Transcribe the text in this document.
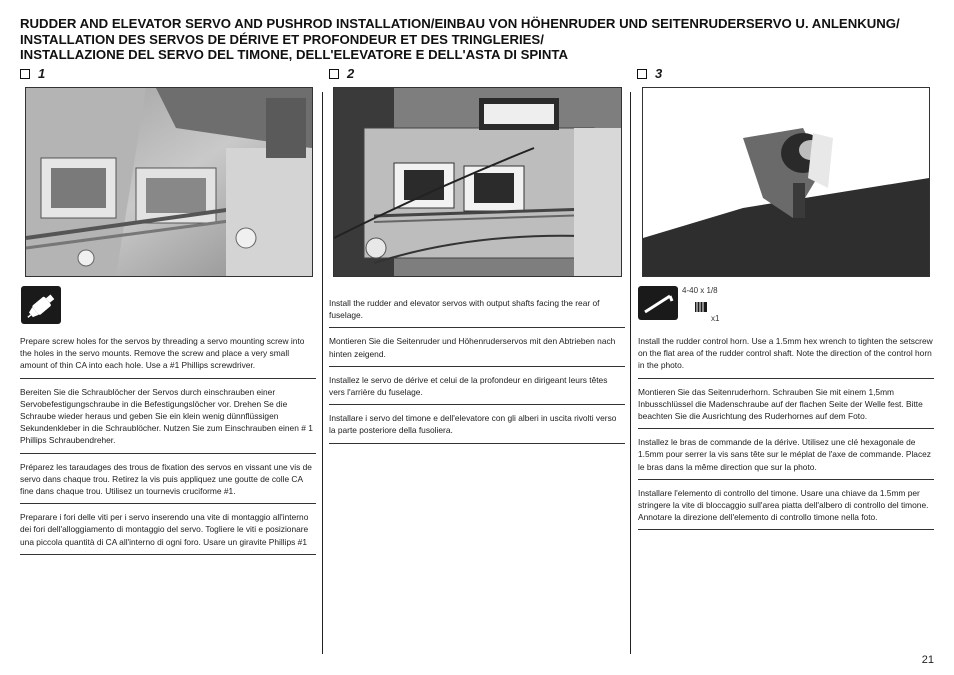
RUDDER AND ELEVATOR SERVO AND PUSHROD INSTALLATION/EINBAU VON HÖHENRUDER UND SEITENRUDERSERVO U. ANLENKUNG/
INSTALLATION DES SERVOS DE DÉRIVE ET PROFONDEUR ET DES TRINGLERIES/
INSTALLAZIONE DEL SERVO DEL TIMONE, DELL'ELEVATORE E DELL'ASTA DI SPINTA
1	2	3
4-40 x 1/8
x1
Prepare screw holes for the servos by threading a servo mounting screw into the holes in the servo mounts. Remove the screw and place a very small amount of thin CA into each hole. Use a #1 Phillips screwdriver.
Bereiten Sie die Schraublöcher der Servos durch einschrauben einer Servobefestigungschraube in die Befestigungslöcher vor. Drehen Se die Schraube wieder heraus und geben Sie ein klein wenig dünnflüssigen Sekundenkleber in die Schraublöcher. Nutzen Sie zum Einschrauben einen # 1 Phillips Schraubendreher.
Préparez les taraudages des trous de fixation des servos en vissant une vis de servo dans chaque trou. Retirez la vis puis appliquez une goutte de colle CA fine dans chaque trou. Utilisez un tournevis cruciforme #1.
Preparare i fori delle viti per i servo inserendo una vite di montaggio all'interno dei fori dell'alloggiamento di montaggio del servo. Togliere le viti e posizionare una piccola quantità di CA all'interno di ogni foro. Usare un giravite Phillips #1
Install the rudder and elevator servos with output shafts facing the rear of fuselage.
Montieren Sie die Seitenruder und Höhenruderservos mit den Abtrieben nach hinten zeigend.
Installez le servo de dérive et celui de la profondeur en dirigeant leurs têtes vers l'arrière du fuselage.
Installare i servo del timone e dell'elevatore con gli alberi in uscita rivolti verso la parte posteriore della fusoliera.
Install the rudder control horn. Use a 1.5mm hex wrench to tighten the setscrew on the flat area of the rudder control shaft. Note the direction of the control horn in the photo.
Montieren Sie das Seitenruderhorn. Schrauben Sie mit einem 1,5mm Inbusschlüssel die Madenschraube auf der flachen Seite der Welle fest. Bitte beachten Sie die Ausrichtung des Ruderhornes auf dem Foto.
Installez le bras de commande de la dérive. Utilisez une clé hexagonale de 1.5mm pour serrer la vis sans tête sur le méplat de l'axe de commande. Placez le bras dans la même direction que sur la photo.
Installare l'elemento di controllo del timone. Usare una chiave da 1.5mm per stringere la vite di bloccaggio sull'area piatta dell'albero di controllo del timone. Annotare la direzione dell'elemento di controllo timone nella foto.
21
